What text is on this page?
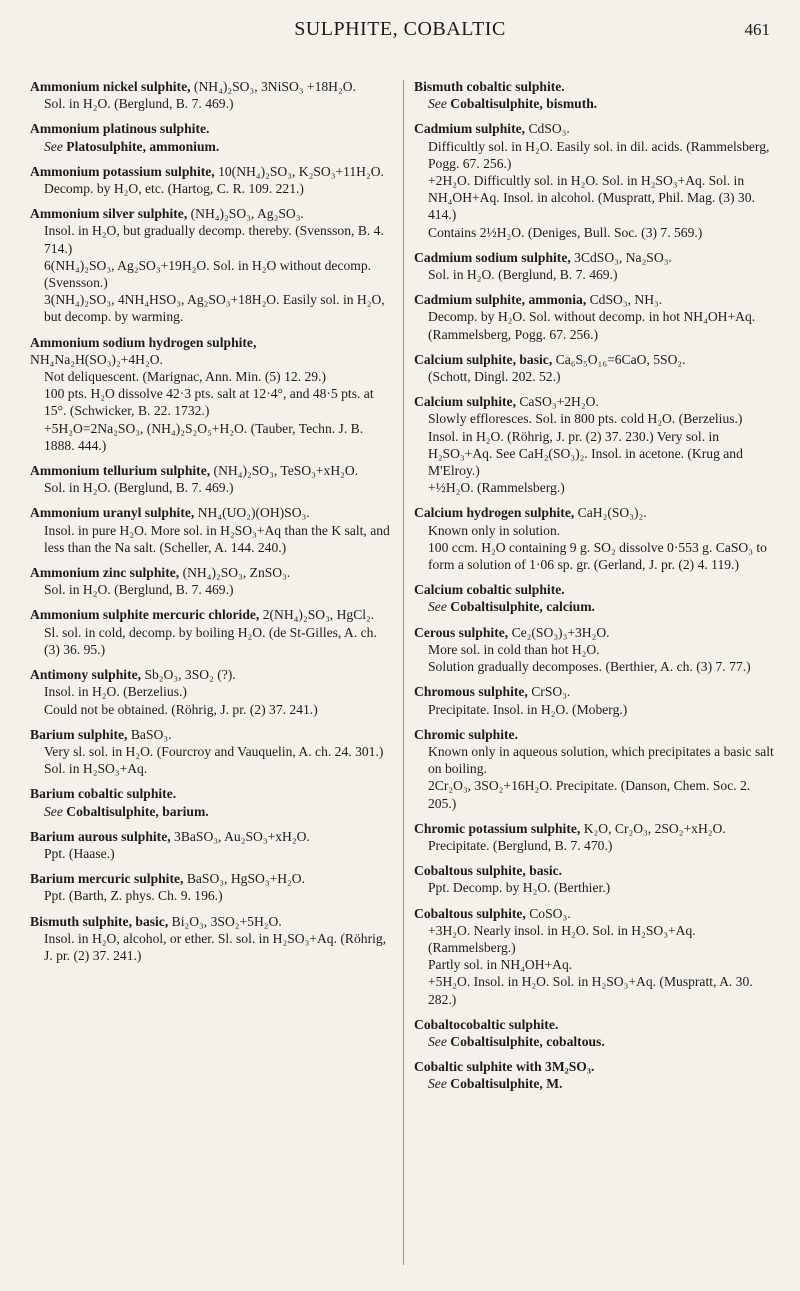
SULPHITE, COBALTIC	461

Ammonium nickel sulphite, (NH₄)₂SO₃, 3NiSO₃ +18H₂O.

Sol. in H₂O. (Berglund, B. 7. 469.)

Ammonium platinous sulphite.

See Platosulphite, ammonium.

Ammonium potassium sulphite, 10(NH₄)₂SO₃, K₂SO₃+11H₂O.

Decomp. by H₂O, etc. (Hartog, C. R. 109. 221.)

Ammonium silver sulphite, (NH₄)₂SO₃, Ag₂SO₃.

Insol. in H₂O, but gradually decomp. thereby. (Svensson, B. 4. 714.)

6(NH₄)₂SO₃, Ag₂SO₃+19H₂O. Sol. in H₂O without decomp. (Svensson.)

3(NH₄)₂SO₃, 4NH₄HSO₃, Ag₂SO₃+18H₂O. Easily sol. in H₂O, but decomp. by warming.

Ammonium sodium hydrogen sulphite, NH₄Na₂H(SO₃)₂+4H₂O.

Not deliquescent. (Marignac, Ann. Min. (5) 12. 29.)

100 pts. H₂O dissolve 42·3 pts. salt at 12·4°, and 48·5 pts. at 15°. (Schwicker, B. 22. 1732.)

+5H₂O=2Na₂SO₃, (NH₄)₂S₂O₅+H₂O. (Tauber, Techn. J. B. 1888. 444.)

Ammonium tellurium sulphite, (NH₄)₂SO₃, TeSO₃+xH₂O.

Sol. in H₂O. (Berglund, B. 7. 469.)

Ammonium uranyl sulphite, NH₄(UO₂)(OH)SO₃.

Insol. in pure H₂O. More sol. in H₂SO₃+Aq than the K salt, and less than the Na salt. (Scheller, A. 144. 240.)

Ammonium zinc sulphite, (NH₄)₂SO₃, ZnSO₃.

Sol. in H₂O. (Berglund, B. 7. 469.)

Ammonium sulphite mercuric chloride, 2(NH₄)₂SO₃, HgCl₂.

Sl. sol. in cold, decomp. by boiling H₂O. (de St-Gilles, A. ch. (3) 36. 95.)

Antimony sulphite, Sb₂O₃, 3SO₂ (?).

Insol. in H₂O. (Berzelius.)

Could not be obtained. (Röhrig, J. pr. (2) 37. 241.)

Barium sulphite, BaSO₃.

Very sl. sol. in H₂O. (Fourcroy and Vauquelin, A. ch. 24. 301.)

Sol. in H₂SO₃+Aq.

Barium cobaltic sulphite.

See Cobaltisulphite, barium.

Barium aurous sulphite, 3BaSO₃, Au₂SO₃+xH₂O.

Ppt. (Haase.)

Barium mercuric sulphite, BaSO₃, HgSO₃+H₂O.

Ppt. (Barth, Z. phys. Ch. 9. 196.)

Bismuth sulphite, basic, Bi₂O₃, 3SO₂+5H₂O.

Insol. in H₂O, alcohol, or ether. Sl. sol. in H₂SO₃+Aq. (Röhrig, J. pr. (2) 37. 241.)

Bismuth cobaltic sulphite.

See Cobaltisulphite, bismuth.

Cadmium sulphite, CdSO₃.

Difficultly sol. in H₂O. Easily sol. in dil. acids. (Rammelsberg, Pogg. 67. 256.)

+2H₂O. Difficultly sol. in H₂O. Sol. in H₂SO₃+Aq. Sol. in NH₄OH+Aq. Insol. in alcohol. (Muspratt, Phil. Mag. (3) 30. 414.)

Contains 2½H₂O. (Deniges, Bull. Soc. (3) 7. 569.)

Cadmium sodium sulphite, 3CdSO₃, Na₂SO₃.

Sol. in H₂O. (Berglund, B. 7. 469.)

Cadmium sulphite, ammonia, CdSO₃, NH₃.

Decomp. by H₂O. Sol. without decomp. in hot NH₄OH+Aq. (Rammelsberg, Pogg. 67. 256.)

Calcium sulphite, basic, Ca₆S₅O₁₆=6CaO, 5SO₂.

(Schott, Dingl. 202. 52.)

Calcium sulphite, CaSO₃+2H₂O.

Slowly effloresces. Sol. in 800 pts. cold H₂O. (Berzelius.)

Insol. in H₂O. (Röhrig, J. pr. (2) 37. 230.) Very sol. in H₂SO₃+Aq. See CaH₂(SO₃)₂. Insol. in acetone. (Krug and M'Elroy.)

+½H₂O. (Rammelsberg.)

Calcium hydrogen sulphite, CaH₂(SO₃)₂.

Known only in solution.

100 ccm. H₂O containing 9 g. SO₂ dissolve 0·553 g. CaSO₃ to form a solution of 1·06 sp. gr. (Gerland, J. pr. (2) 4. 119.)

Calcium cobaltic sulphite.

See Cobaltisulphite, calcium.

Cerous sulphite, Ce₂(SO₃)₃+3H₂O.

More sol. in cold than hot H₂O.

Solution gradually decomposes. (Berthier, A. ch. (3) 7. 77.)

Chromous sulphite, CrSO₃.

Precipitate. Insol. in H₂O. (Moberg.)

Chromic sulphite.

Known only in aqueous solution, which precipitates a basic salt on boiling.

2Cr₂O₃, 3SO₂+16H₂O. Precipitate. (Danson, Chem. Soc. 2. 205.)

Chromic potassium sulphite, K₂O, Cr₂O₃, 2SO₂+xH₂O.

Precipitate. (Berglund, B. 7. 470.)

Cobaltous sulphite, basic.

Ppt. Decomp. by H₂O. (Berthier.)

Cobaltous sulphite, CoSO₃.

+3H₂O. Nearly insol. in H₂O. Sol. in H₂SO₃+Aq. (Rammelsberg.)

Partly sol. in NH₄OH+Aq.

+5H₂O. Insol. in H₂O. Sol. in H₂SO₃+Aq. (Muspratt, A. 30. 282.)

Cobaltocobaltic sulphite.

See Cobaltisulphite, cobaltous.

Cobaltic sulphite with 3M₂SO₃.

See Cobaltisulphite, M.
